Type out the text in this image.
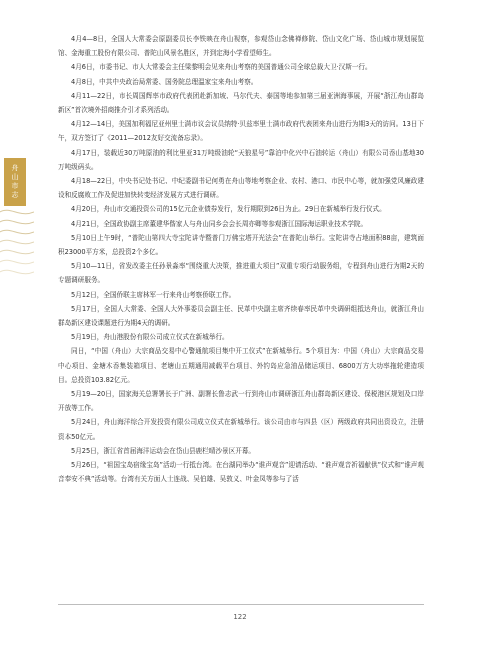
舟山市志

4月4—8日，全国人大常委会原副委员长李铁映在舟山视察，参观岱山念佛禅修院、岱山文化广场、岱山城市规划展览馆、金海重工股份有限公司、普陀山风景名胜区，并到定海小学看望师生。

4月6日，市委书记、市人大常委会主任梁黎明会见来舟山考察的美国普通公司全球总裁大卫·汉斯一行。

4月8日，中共中央政治局常委、国务院总理温家宝来舟山考察。

4月11—22日，市长周国辉率市政府代表团赴新加坡、马尔代夫、泰国等地参加第三届亚洲海事展，开展“浙江舟山群岛新区”首次境外招商推介引才系列活动。

4月12—14日，美国加利福尼亚州里士满市议会议员纳特·贝兹率里士满市政府代表团来舟山进行为期3天的访问。13日下午，双方签订了《2011—2012友好交流备忘录》。

4月17日，装载近30万吨原油的利比里亚31万吨级油轮“天狼星号”靠泊中化兴中石油转运（舟山）有限公司岙山基地30万吨级码头。

4月18—22日，中央书记处书记、中纪委副书记何勇在舟山等地考察企业、农村、港口、市民中心等，就加强党风廉政建设和反腐败工作及促进加快转变经济发展方式进行调研。

4月20日，舟山市交通投资公司的15亿元企业债券发行，发行期限到26日为止。29日在新城举行发行仪式。

4月21日，全国政协副主席董建华偕家人与舟山同乡会会长周亦卿等参观浙江国际海运职业技术学院。

5月10日上午9时，“普陀山第四大寺宝陀讲寺暨普门万佛宝塔开光法会”在普陀山举行。宝陀讲寺占地面积88亩，建筑面积23000平方米，总投资2个多亿。

5月10—11日，省发改委主任孙景淼率“围绕重大决策，推进重大项目”双重专项行动服务组，专程到舟山进行为期2天的专题调研服务。

5月12日，全国侨联主席林军一行来舟山考察侨联工作。

5月17日，全国人大常委、全国人大外事委员会副主任、民革中央副主席齐续春率民革中央调研组抵达舟山，就浙江舟山群岛新区建设课题进行为期4天的调研。

5月19日，舟山港股份有限公司成立仪式在新城举行。

同日，“中国（舟山）大宗商品交易中心警通航项目集中开工仪式”在新城举行。5个项目为：中国（舟山）大宗商品交易中心项目、金塘木岙集装箱项目、老塘山五期通用减载平台项目、外钓岛应急油品储运项目、6800万方大功率拖轮建造项目。总投资103.82亿元。

5月19—20日，国家海关总署署长于广洲、副署长鲁志武一行到舟山市调研浙江舟山群岛新区建设、保税港区规划及口岸开放等工作。

5月24日，舟山海洋综合开发投资有限公司成立仪式在新城举行。该公司由市与四县（区）两级政府共同出资设立，注册资本50亿元。

5月25日，浙江省首届海洋运动会在岱山县鹿栏晴沙景区开幕。

5月26日，“祖国宝岛宿缘宝岛”活动一行抵台湾。在台湖同举办“谁声观音”迎请活动、“谁声观音祈福献供”仪式和“谁声观音奉安不典”活动等。台湾有关方面人士连战、吴伯雄、吴敦义、叶金凤等参与了活

122
